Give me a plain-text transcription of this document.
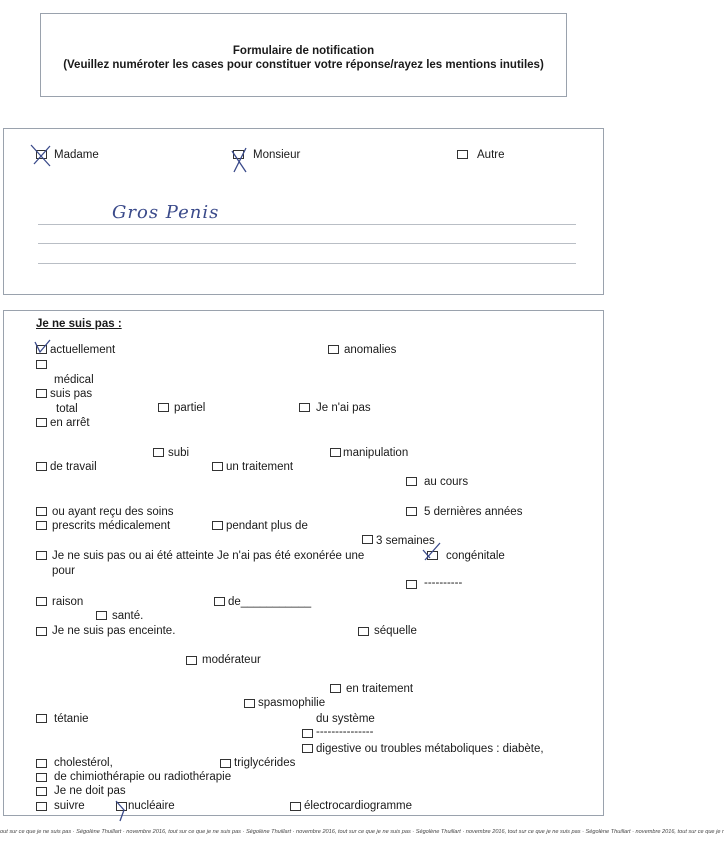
Formulaire de notification
(Veuillez numéroter les cases pour constituer votre réponse/rayez les mentions inutiles)
Madame	Monsieur	Autre
Gros Penis
Je ne suis pas :
actuellement	anomalies
médical
suis pas
total	partiel	Je n'ai pas
en arrêt
subi	manipulation
de travail	un traitement
au cours
ou ayant reçu des soins	5 dernières années
prescrits médicalement	pendant plus de
3 semaines
Je ne suis pas ou ai été atteinte Je n'ai pas été exonérée une	congénitale
pour
----------
raison	de___________
santé.
Je ne suis pas enceinte.	séquelle
modérateur
en traitement
spasmophilie
tétanie	du système
---------------
digestive ou troubles métaboliques : diabète,
cholestérol,	triglycérides
de chimiothérapie ou radiothérapie
Je ne doit pas
suivre	nucléaire	électrocardiogramme
out sur ce que je ne suis pas · Ségolène Thuillart · novembre 2016, tout sur ce que je ne suis pas · Ségolène Thuillart · novembre 2016, tout sur ce que je ne suis pas · Ségolène Thuillart · novembre 2016, tout sur ce que je ne suis pas · Ségolène Thuillart · novembre 2016, tout sur ce que je r
